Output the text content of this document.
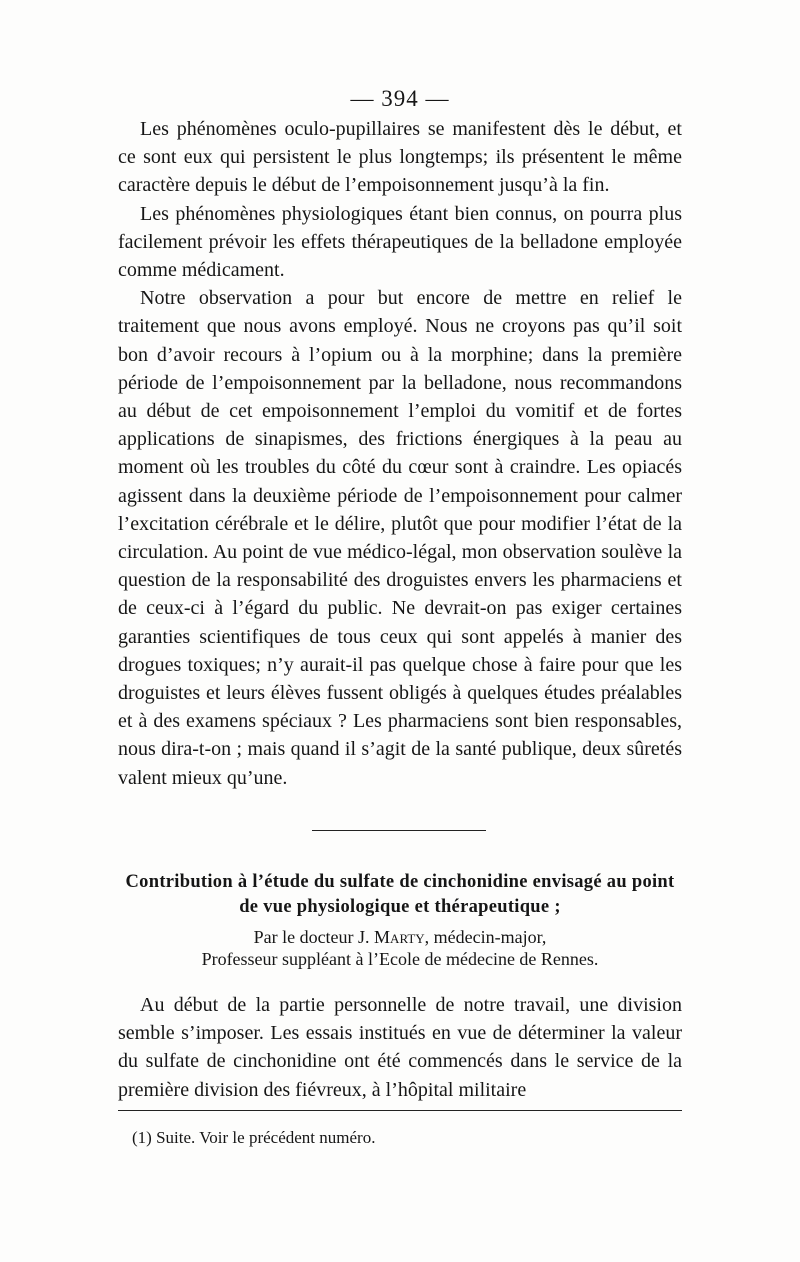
— 394 —

Les phénomènes oculo-pupillaires se manifestent dès le début, et ce sont eux qui persistent le plus longtemps; ils présentent le même caractère depuis le début de l’empoisonnement jusqu’à la fin.

Les phénomènes physiologiques étant bien connus, on pourra plus facilement prévoir les effets thérapeutiques de la belladone employée comme médicament.

Notre observation a pour but encore de mettre en relief le traitement que nous avons employé. Nous ne croyons pas qu’il soit bon d’avoir recours à l’opium ou à la morphine; dans la première période de l’empoisonnement par la belladone, nous recommandons au début de cet empoisonnement l’emploi du vomitif et de fortes applications de sinapismes, des frictions énergiques à la peau au moment où les troubles du côté du cœur sont à craindre. Les opiacés agissent dans la deuxième période de l’empoisonnement pour calmer l’excitation cérébrale et le délire, plutôt que pour modifier l’état de la circulation. Au point de vue médico-légal, mon observation soulève la question de la responsabilité des droguistes envers les pharmaciens et de ceux-ci à l’égard du public. Ne devrait-on pas exiger certaines garanties scientifiques de tous ceux qui sont appelés à manier des drogues toxiques; n’y aurait-il pas quelque chose à faire pour que les droguistes et leurs élèves fussent obligés à quelques études préalables et à des examens spéciaux ? Les pharmaciens sont bien responsables, nous dira-t-on ; mais quand il s’agit de la santé publique, deux sûretés valent mieux qu’une.

Contribution à l’étude du sulfate de cinchonidine envisagé au point de vue physiologique et thérapeutique ;
Par le docteur J. Marty, médecin-major,
Professeur suppléant à l’Ecole de médecine de Rennes.

Au début de la partie personnelle de notre travail, une division semble s’imposer. Les essais institués en vue de déterminer la valeur du sulfate de cinchonidine ont été commencés dans le service de la première division des fiévreux, à l’hôpital militaire

(1) Suite. Voir le précédent numéro.
